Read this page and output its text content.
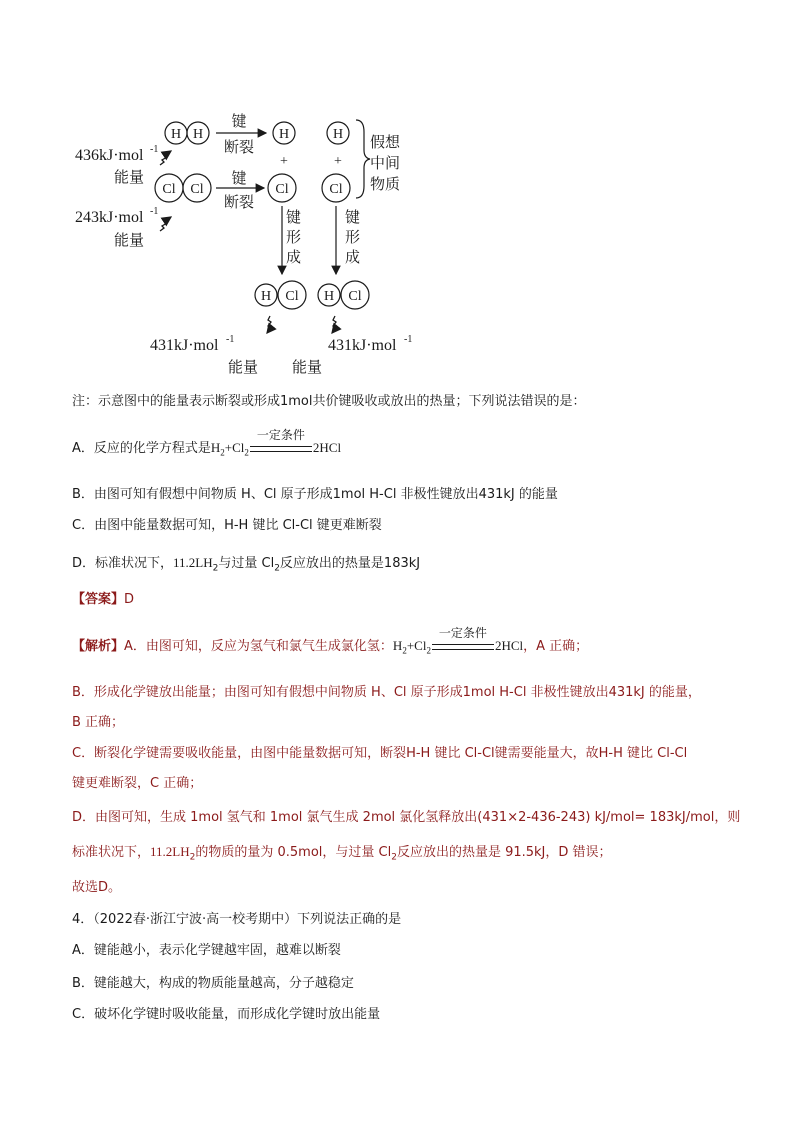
H H
Cl Cl
键
断裂
键
断裂
H
+
Cl
H
+
Cl
假想
中间
物质
键
形
成
键
形
成
H Cl H Cl
436kJ·mol -1
能量
243kJ·mol -1
能量
431kJ·mol -1
能量
431kJ·mol -1
能量
注：示意图中的能量表示断裂或形成1mol共价键吸收或放出的热量；下列说法错误的是：
A．反应的化学方程式是$H_2+Cl_2$
一定条件
2HCl
B．由图可知有假想中间物质 H、Cl 原子形成1mol H-Cl 非极性键放出431kJ 的能量
C．由图中能量数据可知，H-H 键比 Cl-Cl 键更难断裂
D．标准状况下，$11.2LH_2$与过量 $Cl_2$反应放出的热量是183kJ
【答案】D
【解析】A．由图可知，反应为氢气和氯气生成氯化氢：$H_2+Cl_2$
一定条件
2HCl，A 正确；
B．形成化学键放出能量；由图可知有假想中间物质 H、Cl 原子形成1mol H-Cl 非极性键放出431kJ 的能量，
B 正确；
C．断裂化学键需要吸收能量，由图中能量数据可知，断裂H-H 键比 Cl-Cl键需要能量大，故H-H 键比 Cl-Cl
键更难断裂，C 正确；
D．由图可知，生成 1mol 氢气和 1mol 氯气生成 2mol 氯化氢释放出(431×2-436-243) kJ/mol= 183kJ/mol，则
标准状况下，$11.2LH_2$的物质的量为 0.5mol，与过量 $Cl_2$反应放出的热量是 91.5kJ，D 错误；
故选D。
4．（2022春·浙江宁波·高一校考期中）下列说法正确的是
A．键能越小，表示化学键越牢固，越难以断裂
B．键能越大，构成的物质能量越高，分子越稳定
C．破坏化学键时吸收能量，而形成化学键时放出能量
